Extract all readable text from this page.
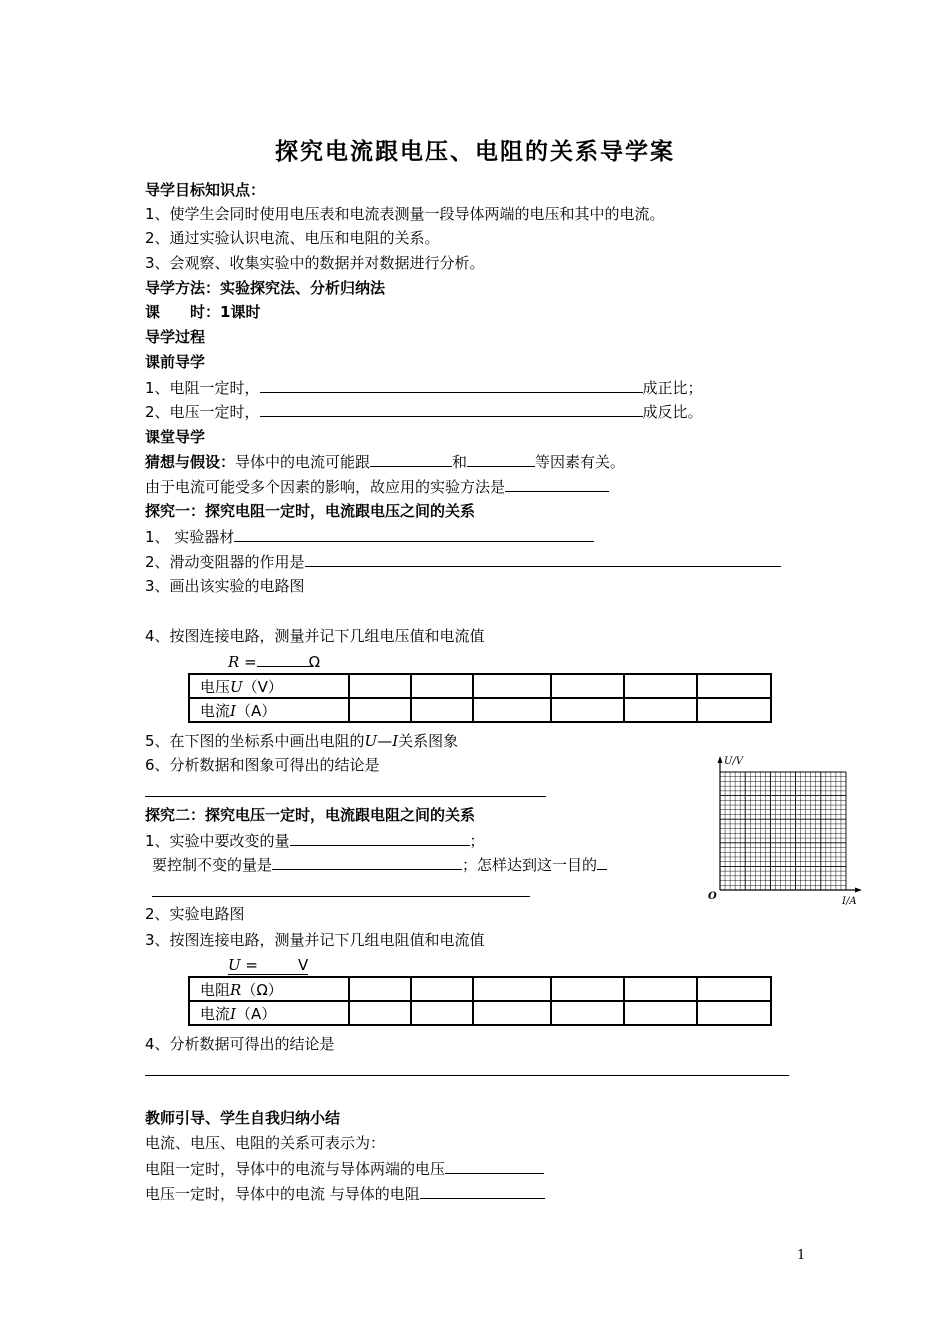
探究电流跟电压、电阻的关系导学案
导学目标知识点：
1、使学生会同时使用电压表和电流表测量一段导体两端的电压和其中的电流。
2、通过实验认识电流、电压和电阻的关系。
3、会观察、收集实验中的数据并对数据进行分析。
导学方法：实验探究法、分析归纳法
课　　时：1课时
导学过程
课前导学
1、电阻一定时，	成正比；
2、电压一定时，	成反比。
课堂导学
猜想与假设：导体中的电流可能跟	和	等因素有关。
由于电流可能受多个因素的影响，故应用的实验方法是
探究一：探究电阻一定时，电流跟电压之间的关系
1、 实验器材
2、滑动变阻器的作用是
3、画出该实验的电路图
4、按图连接电路，测量并记下几组电压值和电流值
R =	Ω
电压U（V）						
电流I（A）						
5、在下图的坐标系中画出电阻的U—I关系图象
6、分析数据和图象可得出的结论是	U/V
I/A
O
探究二：探究电压一定时，电流跟电阻之间的关系
1、实验中要改变的量	；
要控制不变的量是	；怎样达到这一目的
2、实验电路图
3、按图连接电路，测量并记下几组电阻值和电流值
U =	V
电阻R（Ω）						
电流I（A）						
4、分析数据可得出的结论是
教师引导、学生自我归纳小结
电流、电压、电阻的关系可表示为：
电阻一定时，导体中的电流与导体两端的电压
电压一定时，导体中的电流 与导体的电阻
1
